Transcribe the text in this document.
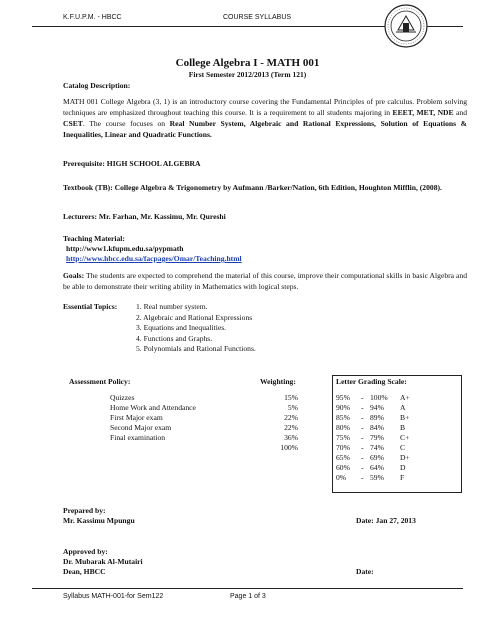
K.F.U.P.M. - HBCC	COURSE SYLLABUS
College Algebra I - MATH 001
First Semester 2012/2013 (Term 121)
Catalog Description:
MATH 001 College Algebra (3, 1) is an introductory course covering the Fundamental Principles of pre calculus. Problem solving techniques are emphasized throughout teaching this course. It is a requirement to all students majoring in EEET, MET, NDE and CSET. The course focuses on Real Number System, Algebraic and Rational Expressions, Solution of Equations & Inequalities, Linear and Quadratic Functions.
Prerequisite: HIGH SCHOOL ALGEBRA
Textbook (TB): College Algebra & Trigonometry by Aufmann /Barker/Nation, 6th Edition, Houghton Mifflin, (2008).
Lecturers: Mr. Farhan, Mr. Kassimu, Mr. Qureshi
Teaching Material:
http://www1.kfupm.edu.sa/pypmath
http://www.hbcc.edu.sa/facpages/Omar/Teaching.html
Goals: The students are expected to comprehend the material of this course, improve their computational skills in basic Algebra and be able to demonstrate their writing ability in Mathematics with logical steps.
Essential Topics: 1. Real number system.
2. Algebraic and Rational Expressions
3. Equations and Inequalities.
4. Functions and Graphs.
5. Polynomials and Rational Functions.
Assessment Policy:	Weighting:	Letter Grading Scale:
Quizzes	15%
Home Work and Attendance	5%
First Major exam	22%
Second Major exam	22%
Final examination	36%
100%
95% - 100% A+
90% - 94% A
85% - 89% B+
80% - 84% B
75% - 79% C+
70% - 74% C
65% - 69% D+
60% - 64% D
0% - 59% F
Prepared by:
Mr. Kassimu Mpungu	Date: Jan 27, 2013
Approved by:
Dr. Mubarak Al-Mutairi
Dean, HBCC	Date:
Syllabus MATH-001-for Sem122	Page 1 of 3
